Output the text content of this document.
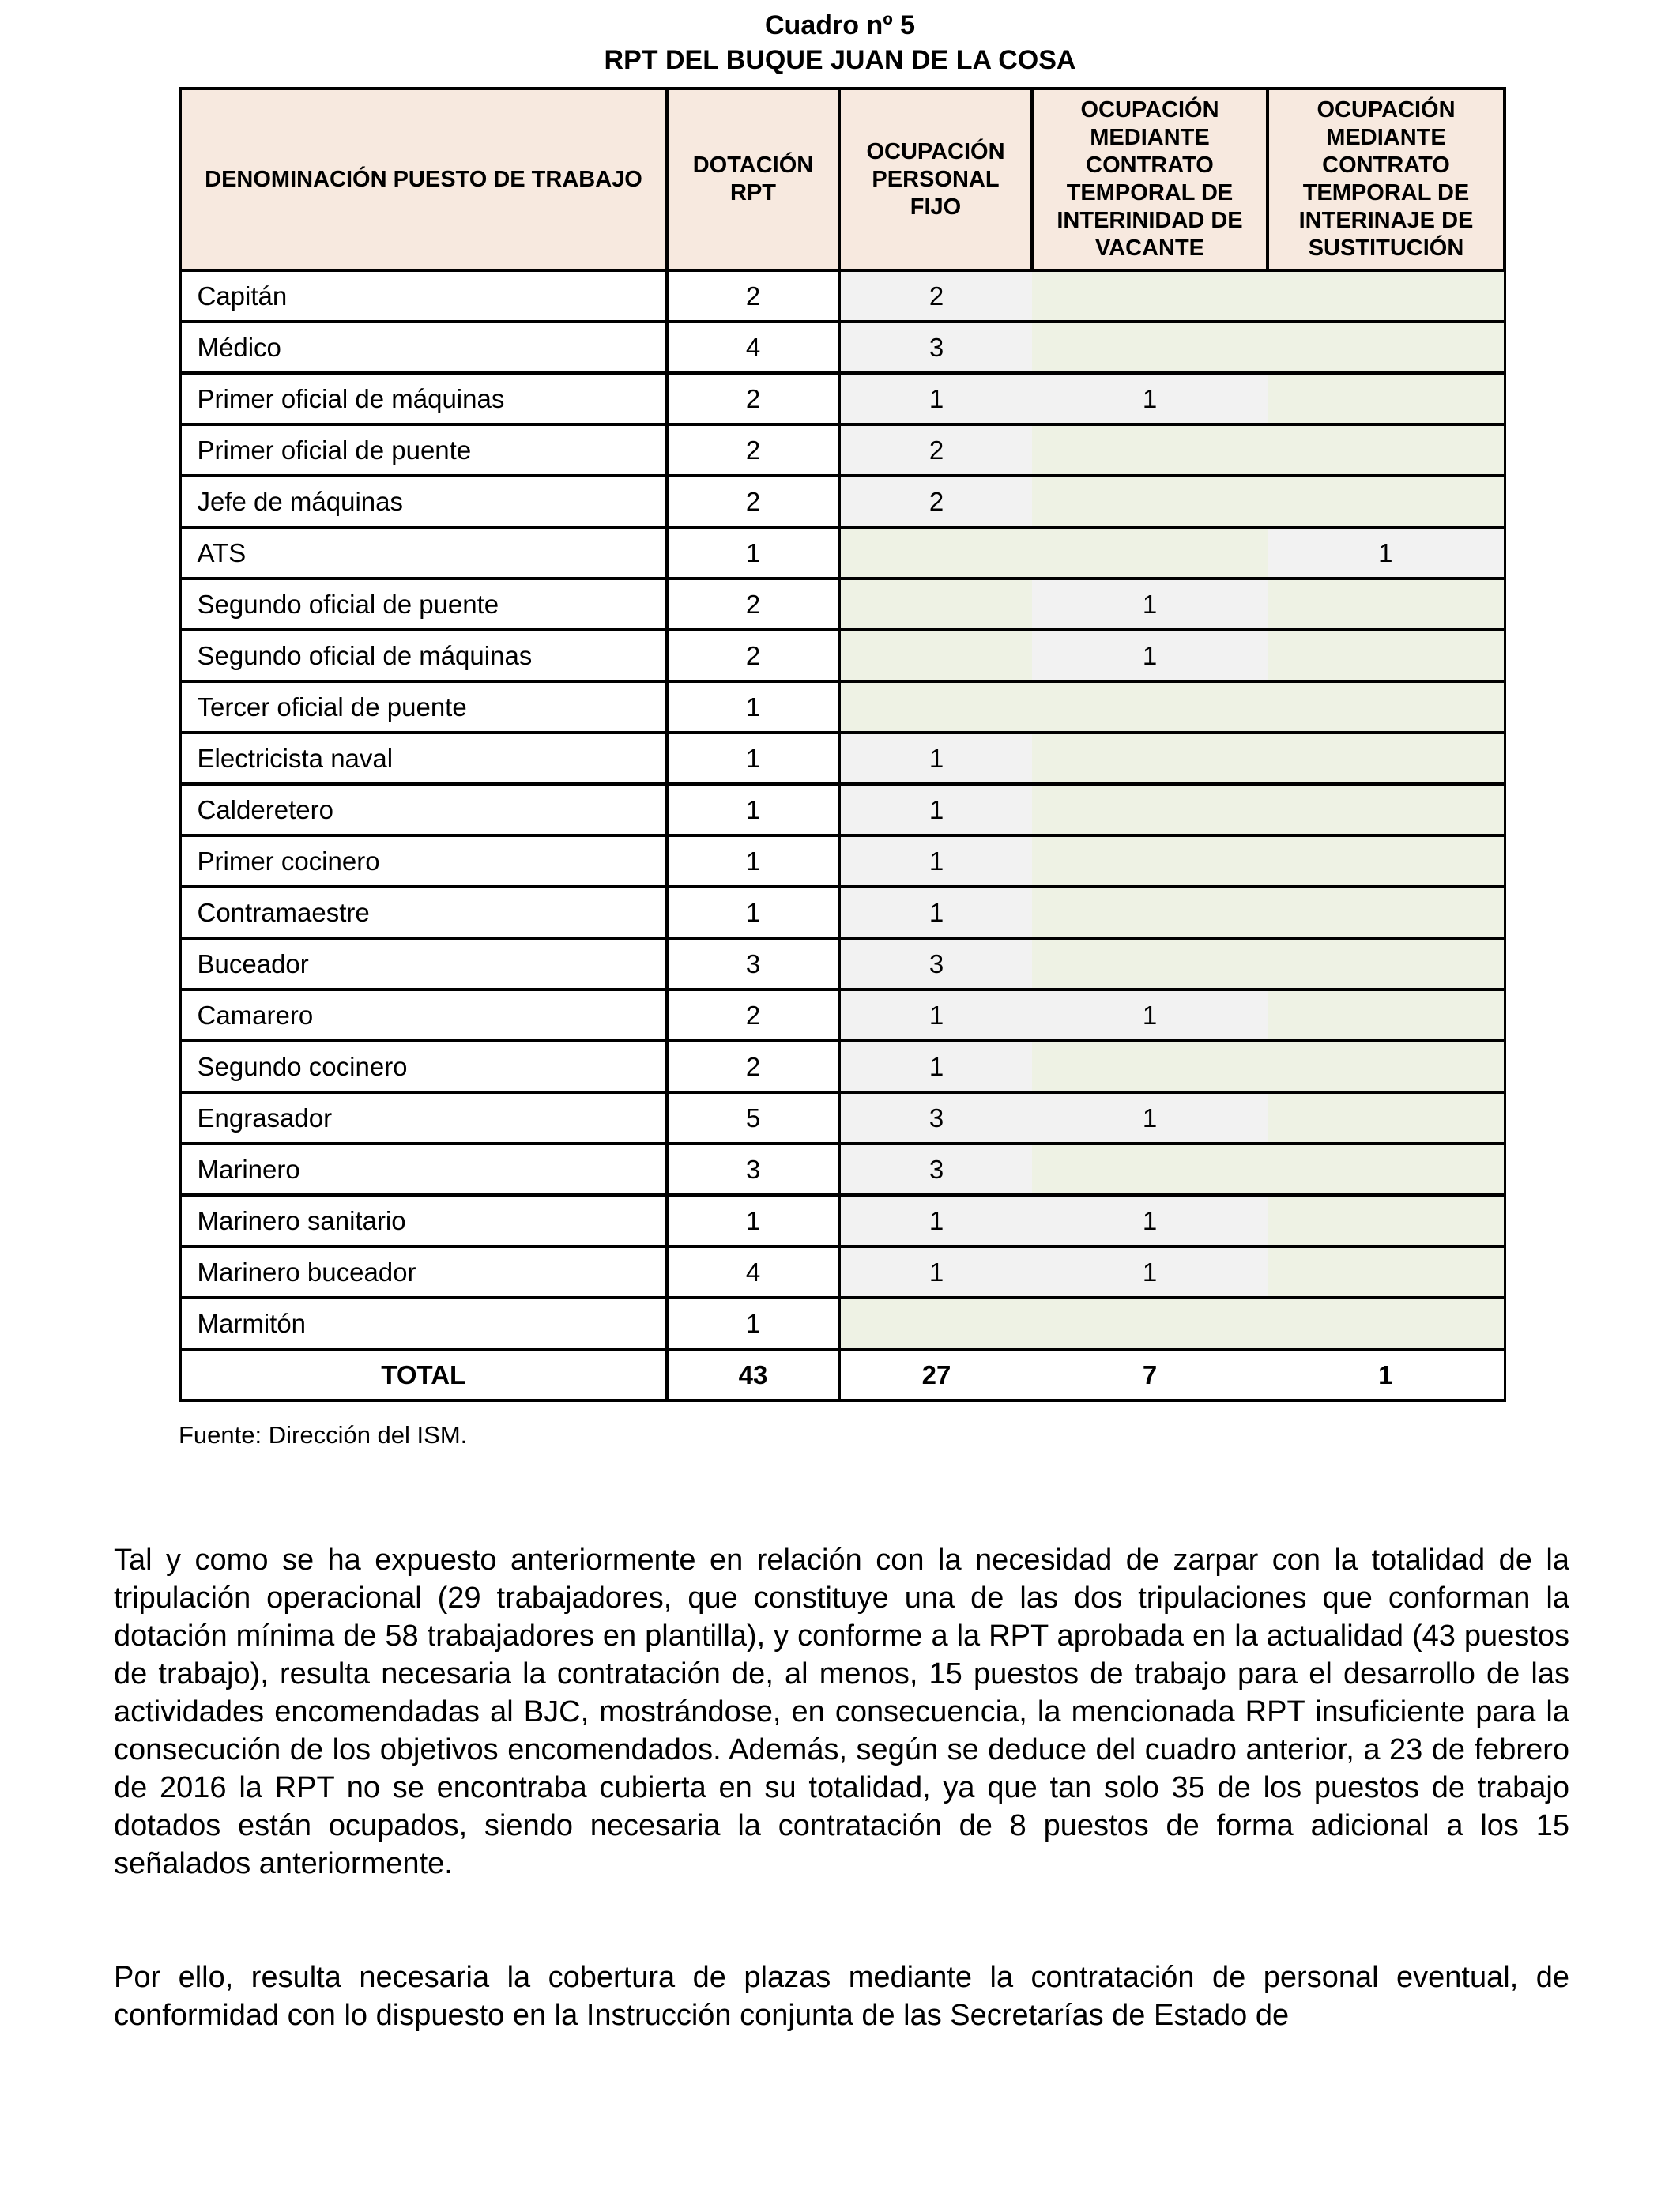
Cuadro nº 5
RPT DEL BUQUE JUAN DE LA COSA
DENOMINACIÓN PUESTO DE TRABAJO	DOTACIÓN RPT	OCUPACIÓN PERSONAL FIJO	OCUPACIÓN MEDIANTE CONTRATO TEMPORAL DE INTERINIDAD DE VACANTE	OCUPACIÓN MEDIANTE CONTRATO TEMPORAL DE INTERINAJE DE SUSTITUCIÓN
Capitán	2	2		
Médico	4	3		
Primer oficial de máquinas	2	1	1	
Primer oficial de puente	2	2		
Jefe de máquinas	2	2		
ATS	1			1
Segundo oficial de puente	2		1	
Segundo oficial de máquinas	2		1	
Tercer oficial de puente	1			
Electricista naval	1	1		
Calderetero	1	1		
Primer cocinero	1	1		
Contramaestre	1	1		
Buceador	3	3		
Camarero	2	1	1	
Segundo cocinero	2	1		
Engrasador	5	3	1	
Marinero	3	3		
Marinero sanitario	1	1	1	
Marinero buceador	4	1	1	
Marmitón	1			
TOTAL	43	27	7	1
Fuente: Dirección del ISM.
Tal y como se ha expuesto anteriormente en relación con la necesidad de zarpar con la totalidad de la tripulación operacional (29 trabajadores, que constituye una de las dos tripulaciones que conforman la dotación mínima de 58 trabajadores en plantilla), y conforme a la RPT aprobada en la actualidad (43 puestos de trabajo), resulta necesaria la contratación de, al menos, 15 puestos de trabajo para el desarrollo de las actividades encomendadas al BJC, mostrándose, en consecuencia, la mencionada RPT insuficiente para la consecución de los objetivos encomendados. Además, según se deduce del cuadro anterior, a 23 de febrero de 2016 la RPT no se encontraba cubierta en su totalidad, ya que tan solo 35 de los puestos de trabajo dotados están ocupados, siendo necesaria la contratación de 8 puestos de forma adicional a los 15 señalados anteriormente.
Por ello, resulta necesaria la cobertura de plazas mediante la contratación de personal eventual, de conformidad con lo dispuesto en la Instrucción conjunta de las Secretarías de Estado de
